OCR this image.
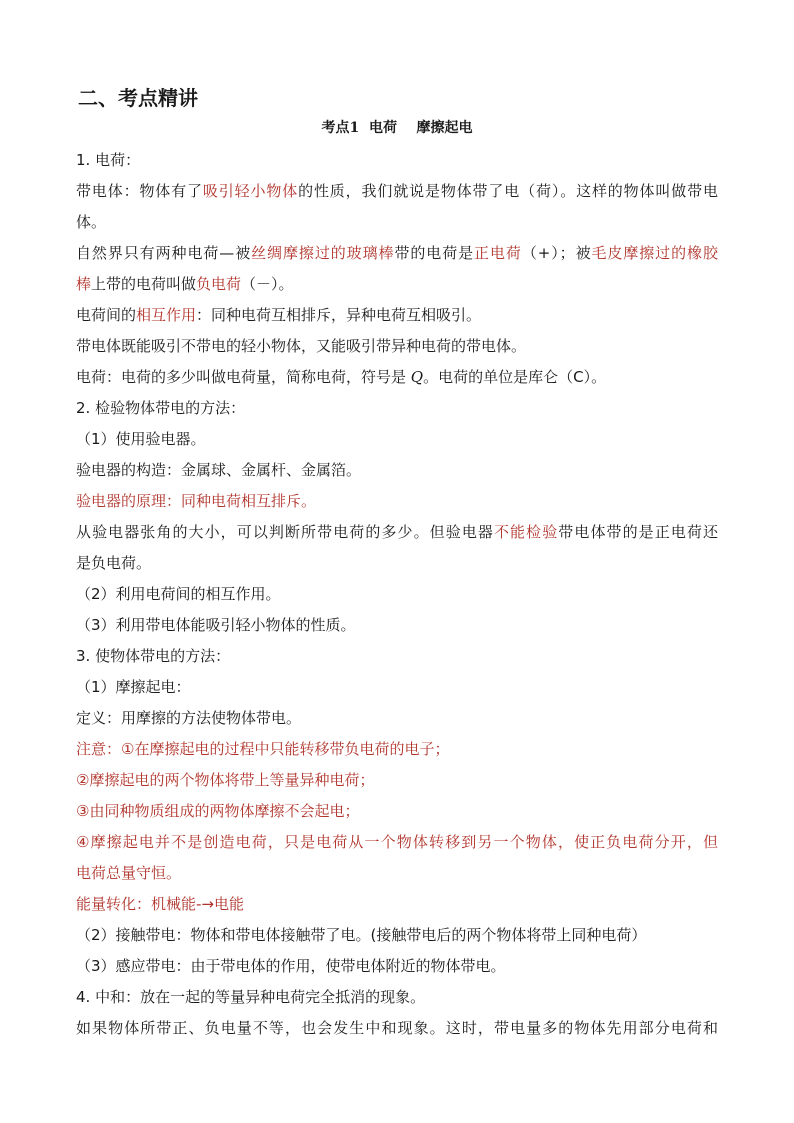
二、考点精讲
考点1  电荷    摩擦起电
1. 电荷：
带电体：物体有了吸引轻小物体的性质，我们就说是物体带了电（荷）。这样的物体叫做带电
体。
自然界只有两种电荷—被丝绸摩擦过的玻璃棒带的电荷是正电荷（+）；被毛皮摩擦过的橡胶
棒上带的电荷叫做负电荷（－）。
电荷间的相互作用：同种电荷互相排斥，异种电荷互相吸引。
带电体既能吸引不带电的轻小物体，又能吸引带异种电荷的带电体。
电荷：电荷的多少叫做电荷量，简称电荷，符号是 Q。电荷的单位是库仑（C）。
2. 检验物体带电的方法：
（1）使用验电器。
验电器的构造：金属球、金属杆、金属箔。
验电器的原理：同种电荷相互排斥。
从验电器张角的大小，可以判断所带电荷的多少。但验电器不能检验带电体带的是正电荷还
是负电荷。
（2）利用电荷间的相互作用。
（3）利用带电体能吸引轻小物体的性质。
3. 使物体带电的方法：
（1）摩擦起电：
定义：用摩擦的方法使物体带电。
注意：①在摩擦起电的过程中只能转移带负电荷的电子；
②摩擦起电的两个物体将带上等量异种电荷；
③由同种物质组成的两物体摩擦不会起电；
④摩擦起电并不是创造电荷，只是电荷从一个物体转移到另一个物体，使正负电荷分开，但
电荷总量守恒。
能量转化：机械能-→电能
（2）接触带电：物体和带电体接触带了电。(接触带电后的两个物体将带上同种电荷）
（3）感应带电：由于带电体的作用，使带电体附近的物体带电。
4. 中和：放在一起的等量异种电荷完全抵消的现象。
如果物体所带正、负电量不等，也会发生中和现象。这时，带电量多的物体先用部分电荷和
